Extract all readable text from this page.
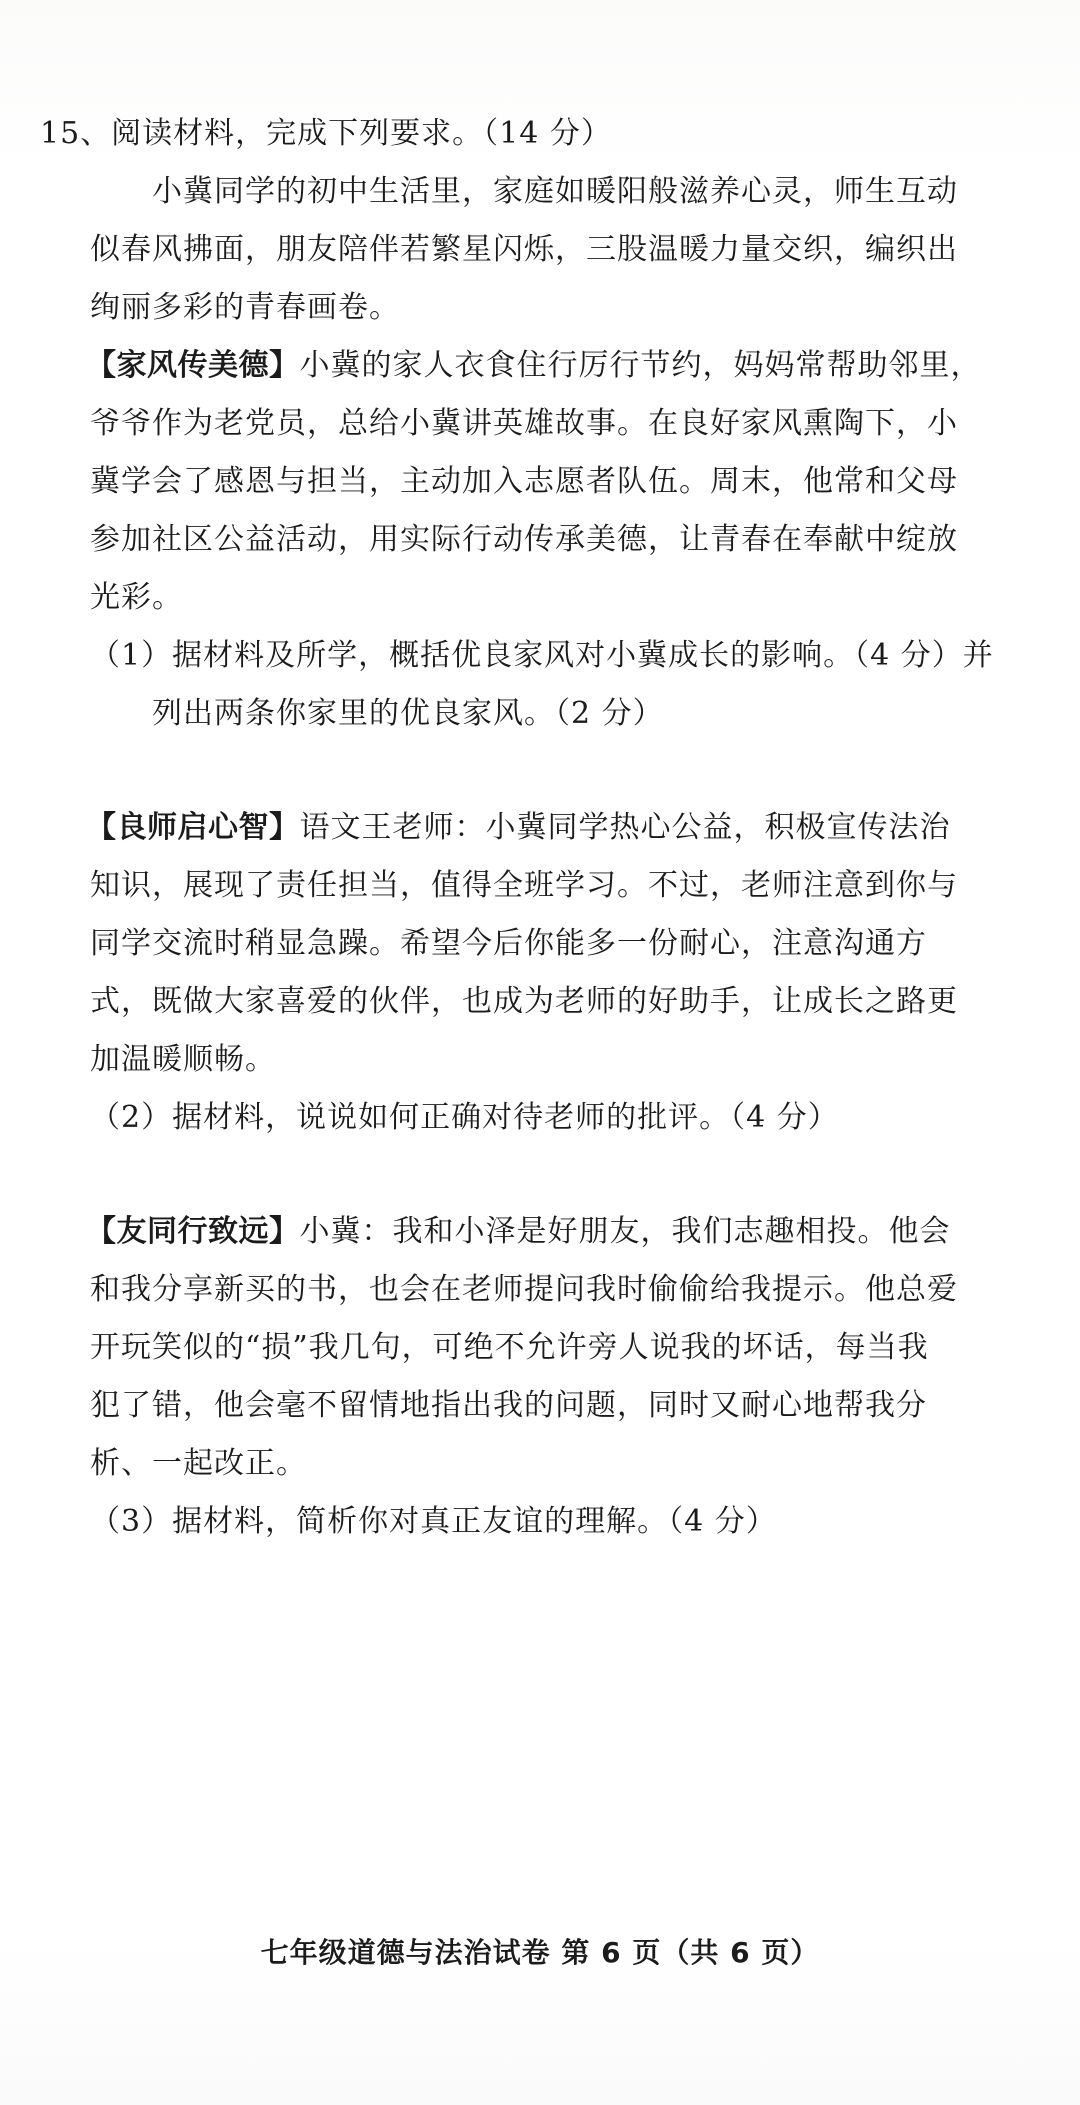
15、阅读材料，完成下列要求。（14 分）
小冀同学的初中生活里，家庭如暖阳般滋养心灵，师生互动
似春风拂面，朋友陪伴若繁星闪烁，三股温暖力量交织，编织出
绚丽多彩的青春画卷。
【家风传美德】小冀的家人衣食住行厉行节约，妈妈常帮助邻里，
爷爷作为老党员，总给小冀讲英雄故事。在良好家风熏陶下，小
冀学会了感恩与担当，主动加入志愿者队伍。周末，他常和父母
参加社区公益活动，用实际行动传承美德，让青春在奉献中绽放
光彩。
（1）据材料及所学，概括优良家风对小冀成长的影响。（4 分）并
列出两条你家里的优良家风。（2 分）
【良师启心智】语文王老师：小冀同学热心公益，积极宣传法治
知识，展现了责任担当，值得全班学习。不过，老师注意到你与
同学交流时稍显急躁。希望今后你能多一份耐心，注意沟通方
式，既做大家喜爱的伙伴，也成为老师的好助手，让成长之路更
加温暖顺畅。
（2）据材料，说说如何正确对待老师的批评。（4 分）
【友同行致远】小冀：我和小泽是好朋友，我们志趣相投。他会
和我分享新买的书，也会在老师提问我时偷偷给我提示。他总爱
开玩笑似的“损”我几句，可绝不允许旁人说我的坏话，每当我
犯了错，他会毫不留情地指出我的问题，同时又耐心地帮我分
析、一起改正。
（3）据材料，简析你对真正友谊的理解。（4 分）
七年级道德与法治试卷 第 6 页（共 6 页）
